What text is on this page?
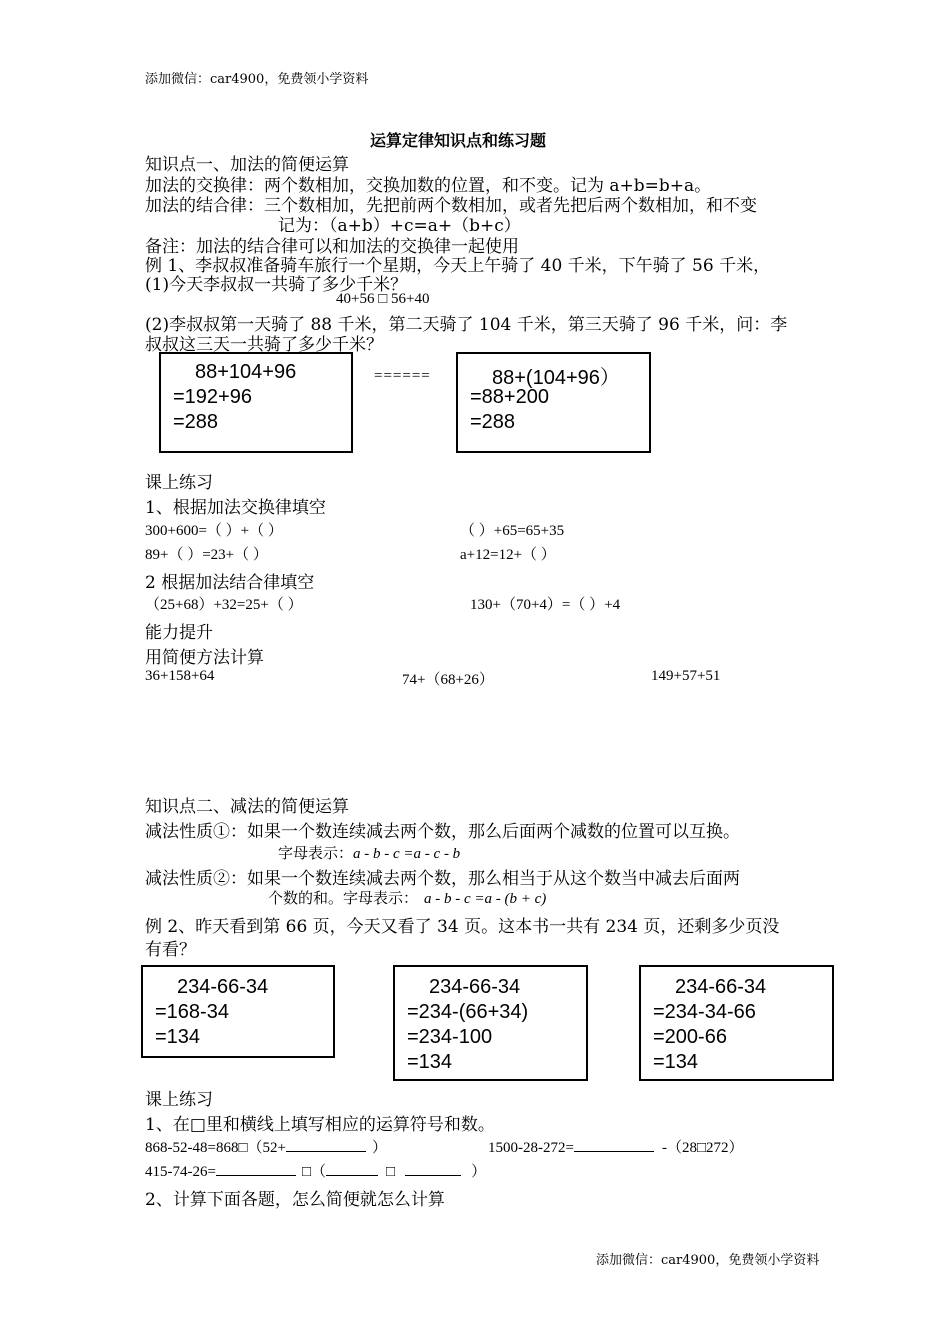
添加微信：car4900，免费领小学资料
运算定律知识点和练习题
知识点一、加法的简便运算
加法的交换律：两个数相加，交换加数的位置，和不变。记为 a+b=b+a。
加法的结合律：三个数相加，先把前两个数相加，或者先把后两个数相加，和不变
记为：（a+b）+c=a+（b+c）
备注：加法的结合律可以和加法的交换律一起使用
例 1、李叔叔准备骑车旅行一个星期，今天上午骑了 40 千米，下午骑了 56 千米，
(1)今天李叔叔一共骑了多少千米？
40+56 □ 56+40
(2)李叔叔第一天骑了 88 千米，第二天骑了 104 千米，第三天骑了 96 千米，问：李
叔叔这三天一共骑了多少千米？
88+104+96
=192+96
=288
======	88+(104+96）
=88+200
=288
课上练习
1、根据加法交换律填空
300+600=（ ）+（ ）	（ ）+65=65+35
89+（ ）=23+（ ）	a+12=12+（ ）
2 根据加法结合律填空
（25+68）+32=25+（ ）	130+（70+4）=（ ）+4
能力提升
用简便方法计算
36+158+64	74+（68+26）	149+57+51
知识点二、减法的简便运算
减法性质①：如果一个数连续减去两个数，那么后面两个减数的位置可以互换。
字母表示：a - b - c =a - c - b
减法性质②：如果一个数连续减去两个数，那么相当于从这个数当中减去后面两
个数的和。字母表示： a - b - c =a - (b + c)
例 2、昨天看到第 66 页，今天又看了 34 页。这本书一共有 234 页，还剩多少页没
有看？
234-66-34
=168-34
=134
234-66-34
=234-(66+34)
=234-100
=134
234-66-34
=234-34-66
=200-66
=134
课上练习
1、在□里和横线上填写相应的运算符号和数。
868-52-48=868□（52+	）	1500-28-272=	-（28□272）
415-74-26=	□（	□	）
2、计算下面各题，怎么简便就怎么计算
添加微信：car4900，免费领小学资料
